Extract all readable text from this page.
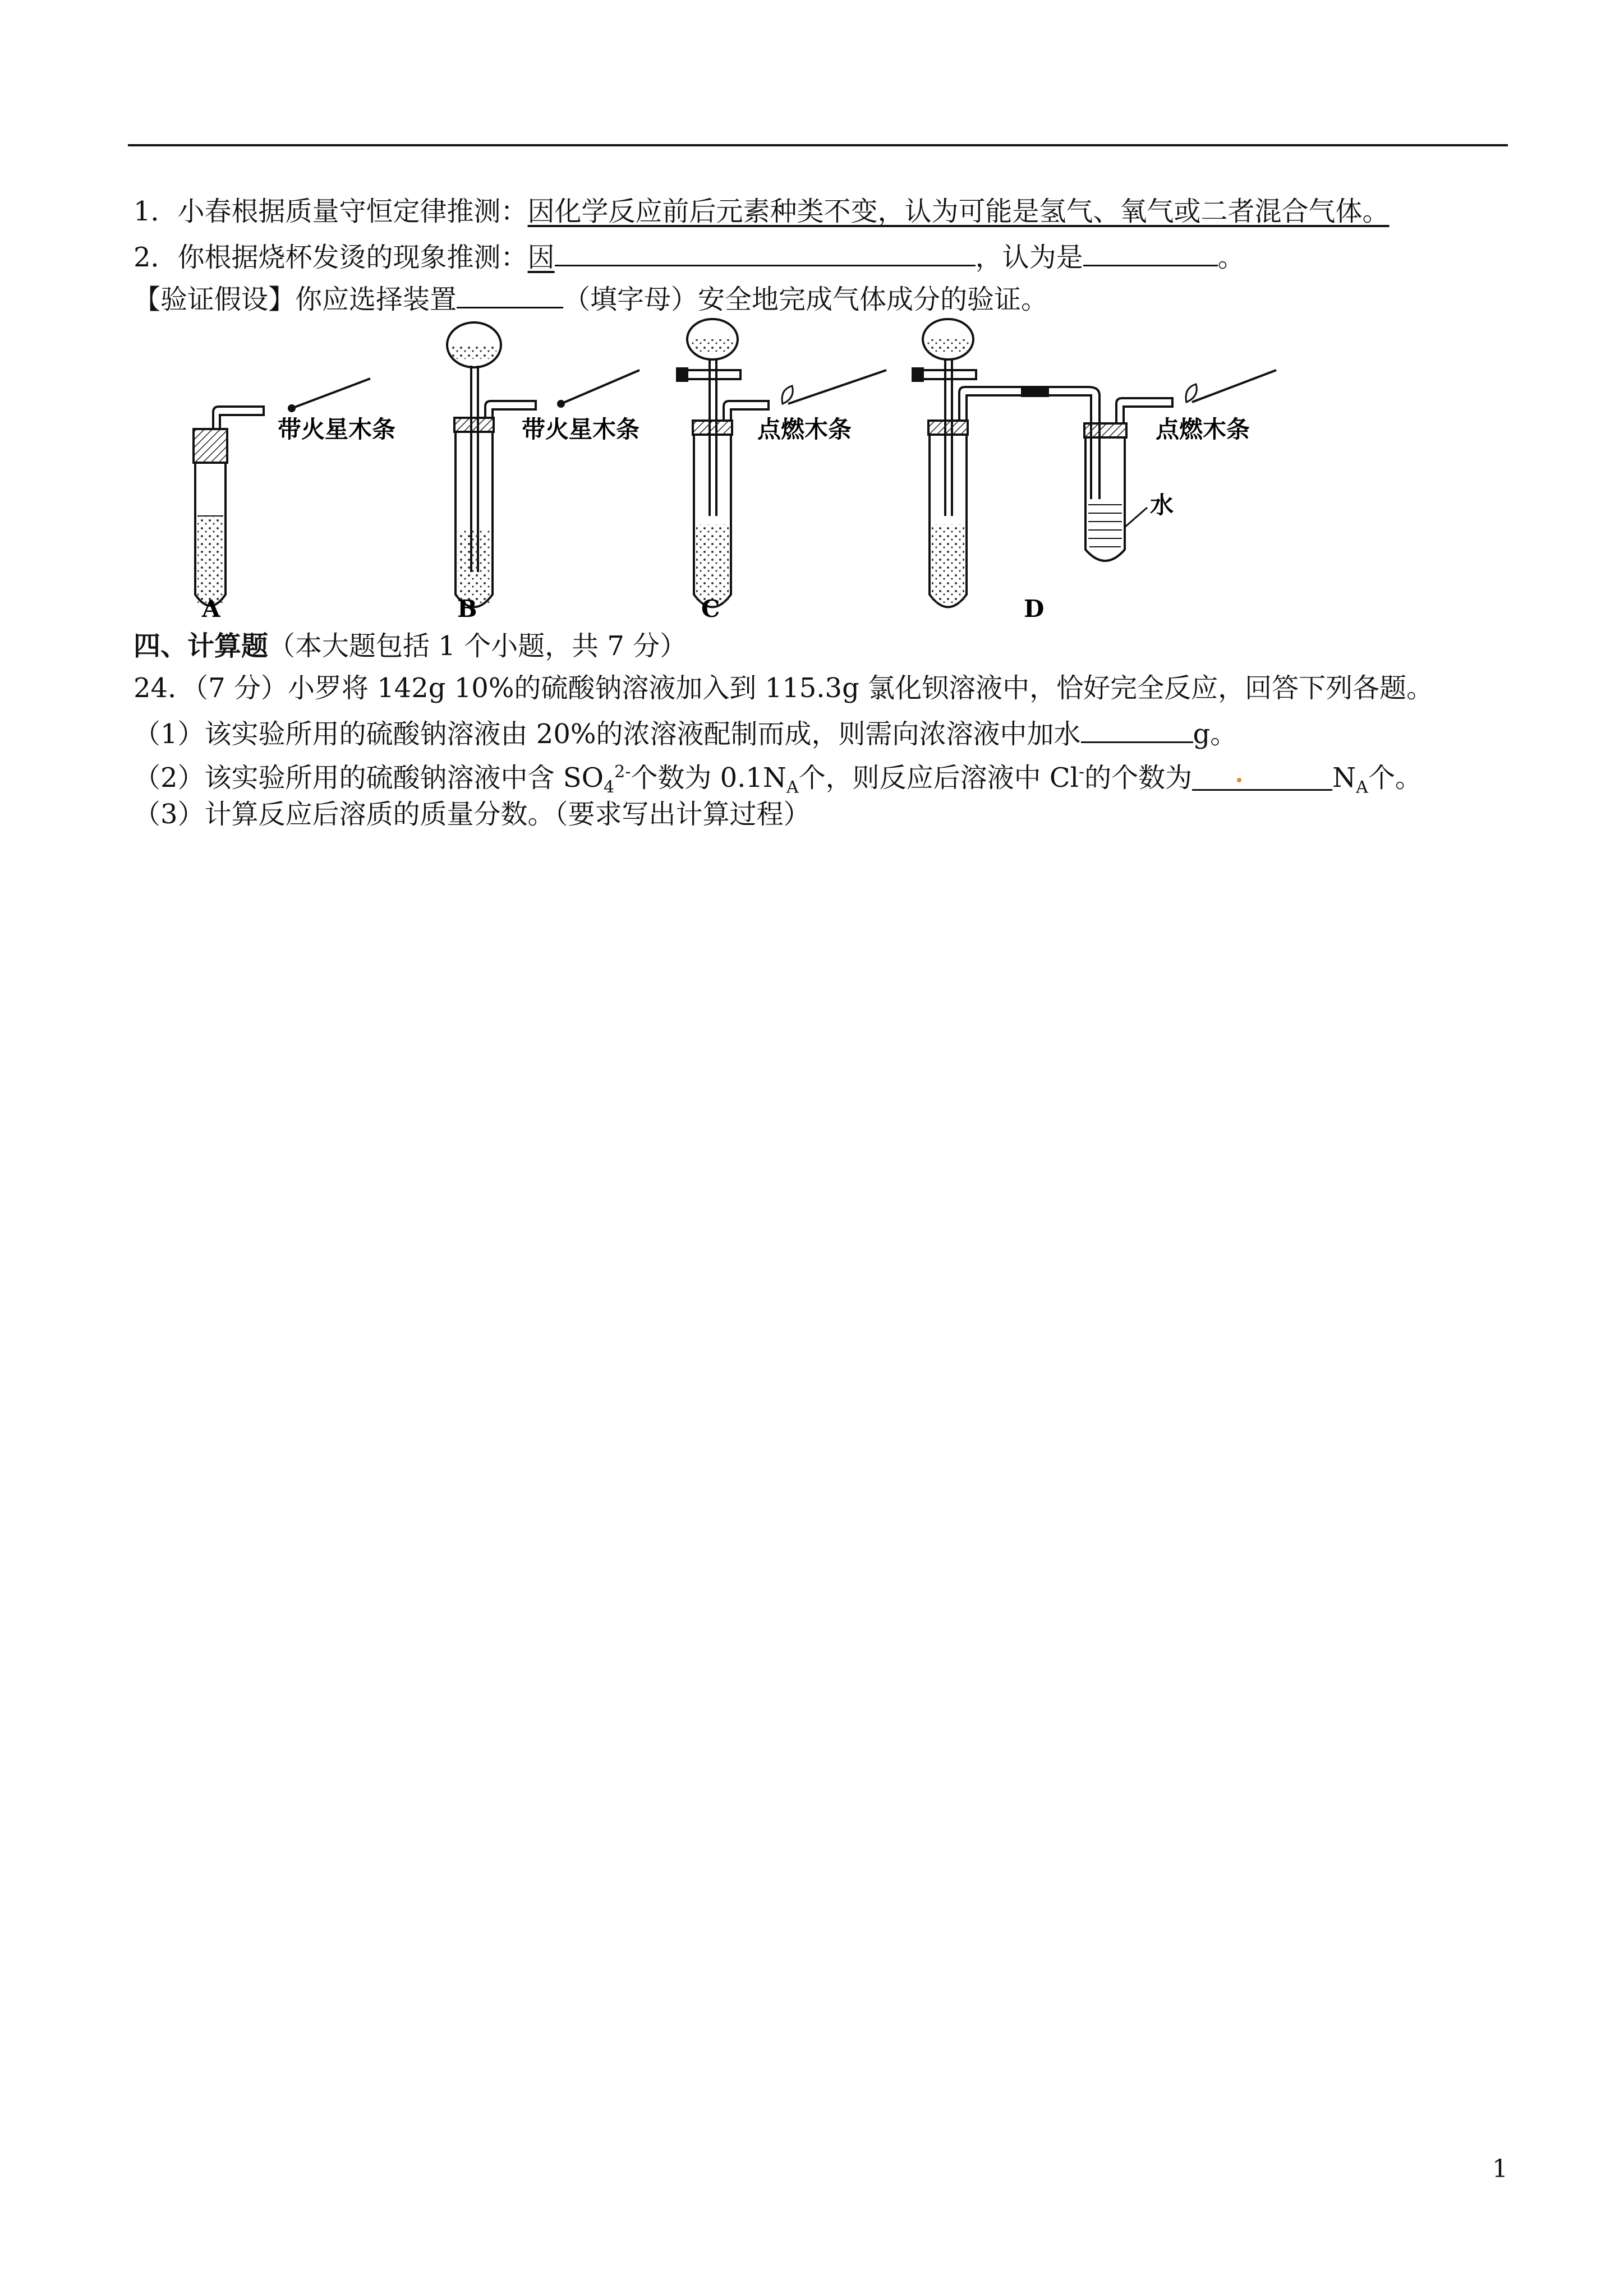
1．小春根据质量守恒定律推测：因化学反应前后元素种类不变，认为可能是氢气、氧气或二者混合气体。
2．你根据烧杯发烫的现象推测：因	，认为是	。
【验证假设】你应选择装置	（填字母）安全地完成气体成分的验证。
带火星木条
A
带火星木条
B
点燃木条
C
点燃木条
水
D
四、计算题（本大题包括 1 个小题，共 7 分）
24．（7 分）小罗将 142g 10%的硫酸钠溶液加入到 115.3g 氯化钡溶液中，恰好完全反应，回答下列各题。
（1）该实验所用的硫酸钠溶液由 20%的浓溶液配制而成，则需向浓溶液中加水	g。
（2）该实验所用的硫酸钠溶液中含 $SO_4^{2-}$个数为 $0.1N_A$个，则反应后溶液中 Cl-的个数为	$N_A$个。
（3）计算反应后溶质的质量分数。（要求写出计算过程）
1
